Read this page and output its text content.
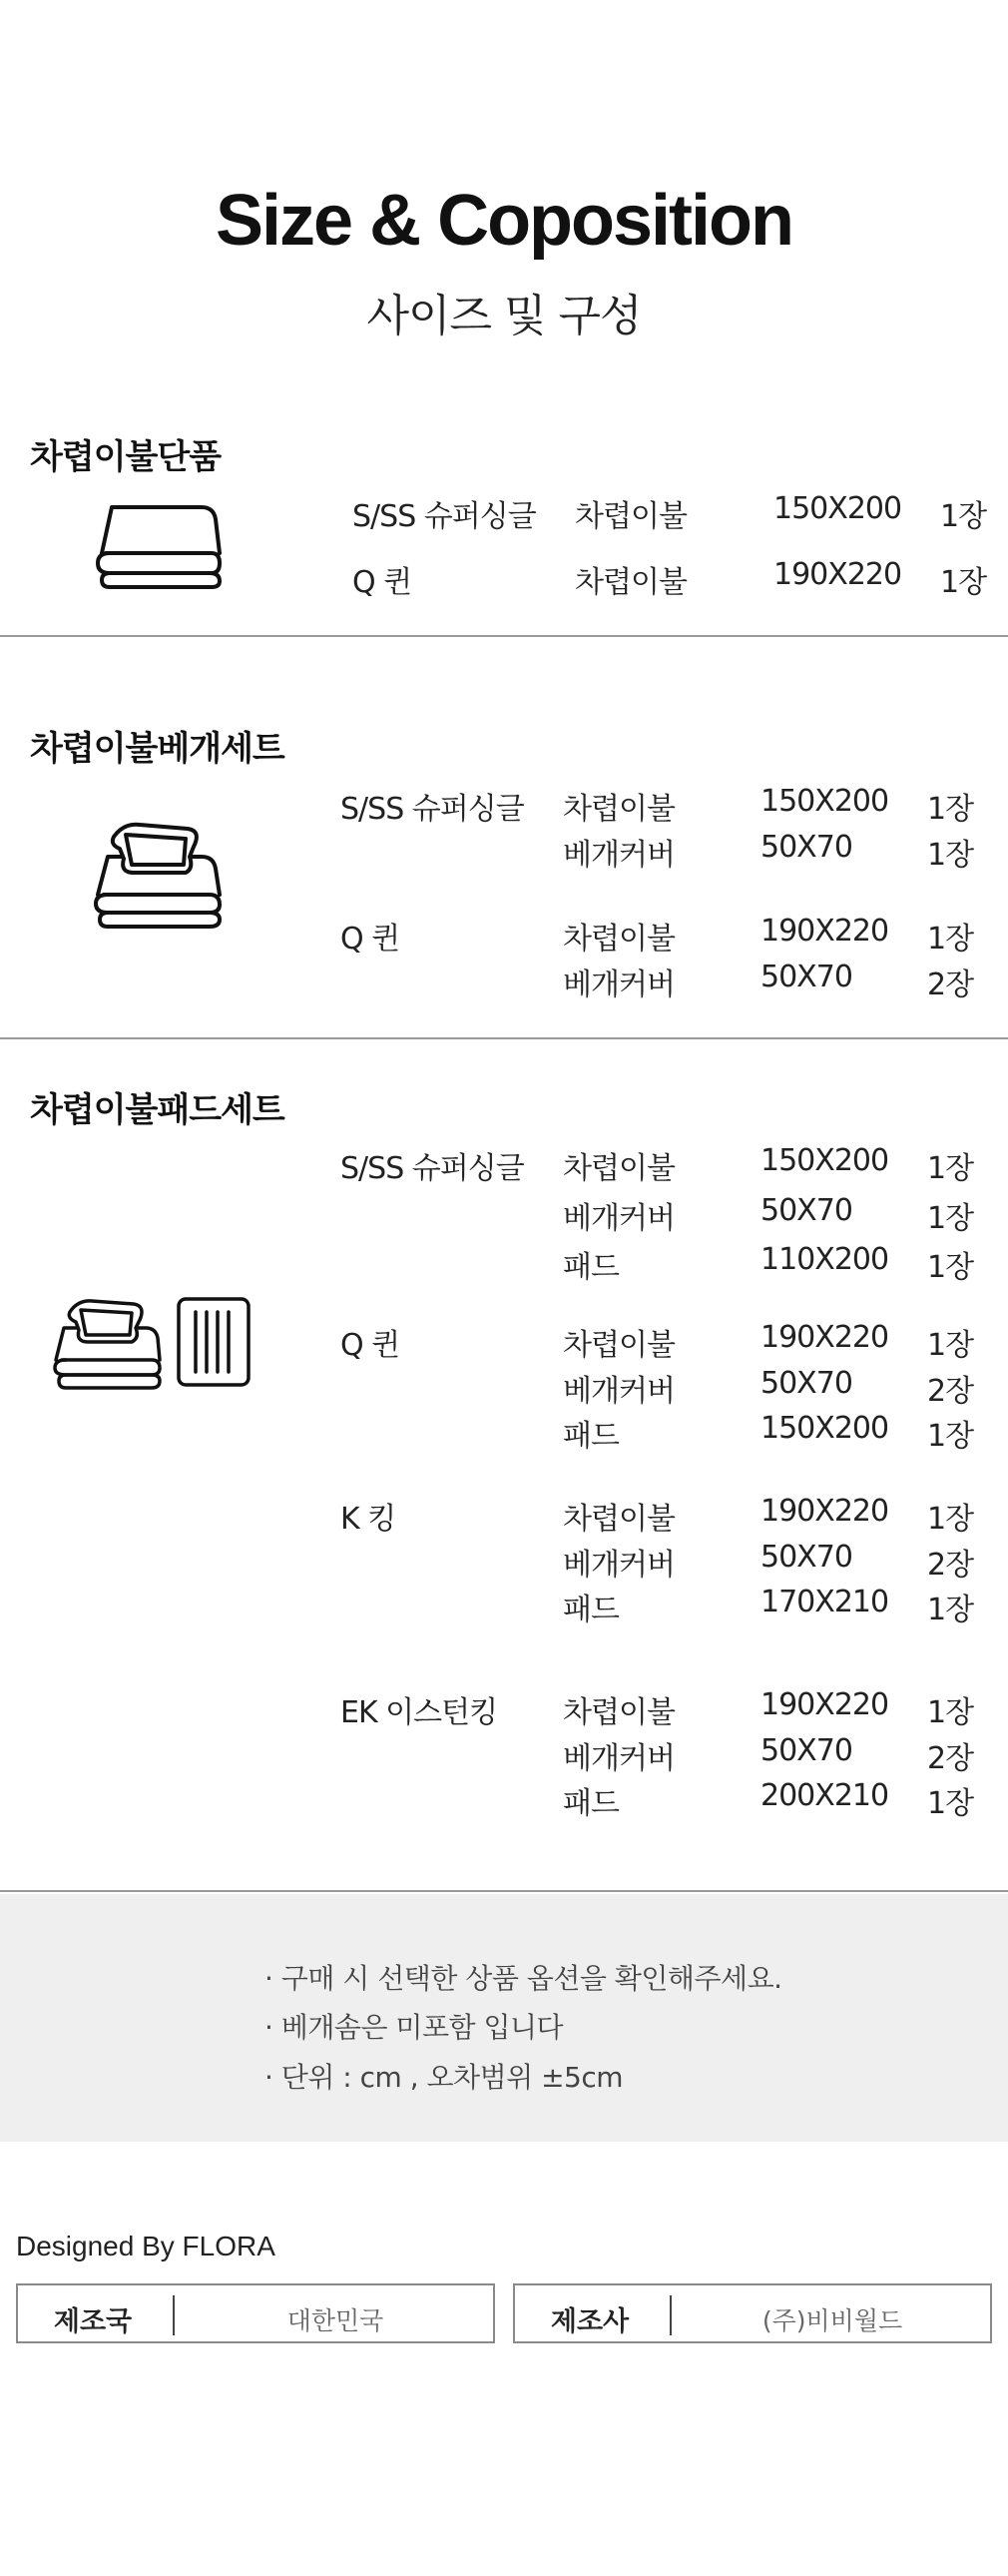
Size & Coposition
사이즈 및 구성
차렵이불단품
S/SS 슈퍼싱글 차렵이불	150X200 1장
Q 퀸	차렵이불	190X220 1장
차렵이불베개세트
S/SS 슈퍼싱글 차렵이불	150X200 1장
베개커버	50X70	1장
Q 퀸	차렵이불	190X220 1장
베개커버	50X70	2장
차렵이불패드세트
S/SS 슈퍼싱글 차렵이불	150X200 1장
베개커버	50X70	1장
패드	110X200 1장
Q 퀸	차렵이불	190X220 1장
베개커버	50X70	2장
패드	150X200 1장
K 킹	차렵이불	190X220 1장
베개커버	50X70	2장
패드	170X210 1장
EK 이스턴킹 차렵이불	190X220 1장
베개커버	50X70	2장
패드	200X210 1장
· 구매 시 선택한 상품 옵션을 확인해주세요.
· 베개솜은 미포함 입니다
· 단위 : cm , 오차범위 ±5cm
Designed By FLORA
제조국	대한민국	제조사	(주)비비월드
